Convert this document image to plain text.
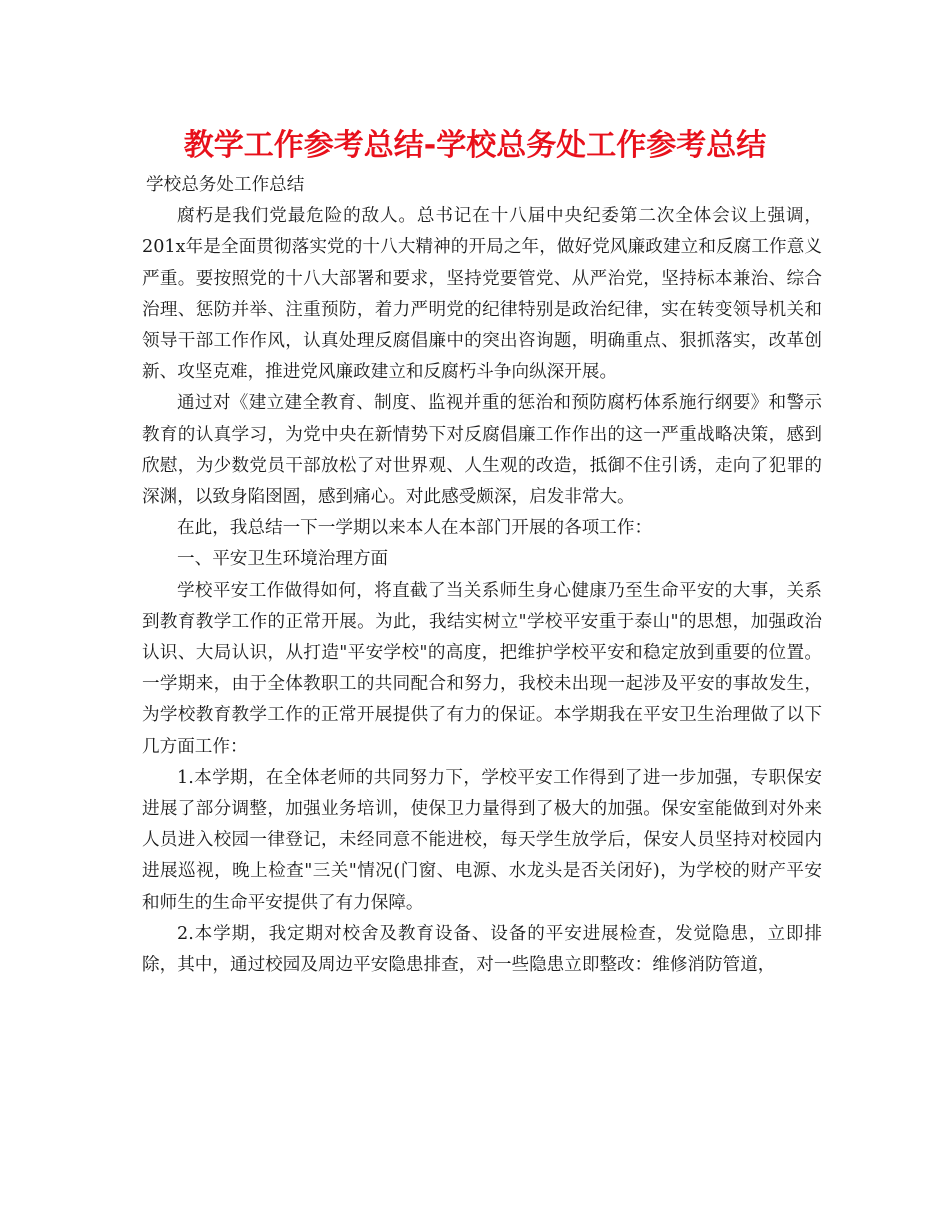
教学工作参考总结-学校总务处工作参考总结

学校总务处工作总结

腐朽是我们党最危险的敌人。总书记在十八届中央纪委第二次全体会议上强调，201x年是全面贯彻落实党的十八大精神的开局之年，做好党风廉政建立和反腐工作意义严重。要按照党的十八大部署和要求，坚持党要管党、从严治党，坚持标本兼治、综合治理、惩防并举、注重预防，着力严明党的纪律特别是政治纪律，实在转变领导机关和领导干部工作作风，认真处理反腐倡廉中的突出咨询题，明确重点、狠抓落实，改革创新、攻坚克难，推进党风廉政建立和反腐朽斗争向纵深开展。

通过对《建立建全教育、制度、监视并重的惩治和预防腐朽体系施行纲要》和警示教育的认真学习，为党中央在新情势下对反腐倡廉工作作出的这一严重战略决策，感到欣慰，为少数党员干部放松了对世界观、人生观的改造，抵御不住引诱，走向了犯罪的深渊，以致身陷囹圄，感到痛心。对此感受颇深，启发非常大。

在此，我总结一下一学期以来本人在本部门开展的各项工作：

一、平安卫生环境治理方面

学校平安工作做得如何，将直截了当关系师生身心健康乃至生命平安的大事，关系到教育教学工作的正常开展。为此，我结实树立"学校平安重于泰山"的思想，加强政治认识、大局认识，从打造"平安学校"的高度，把维护学校平安和稳定放到重要的位置。一学期来，由于全体教职工的共同配合和努力，我校未出现一起涉及平安的事故发生，为学校教育教学工作的正常开展提供了有力的保证。本学期我在平安卫生治理做了以下几方面工作：

1.本学期，在全体老师的共同努力下，学校平安工作得到了进一步加强，专职保安进展了部分调整，加强业务培训，使保卫力量得到了极大的加强。保安室能做到对外来人员进入校园一律登记，未经同意不能进校，每天学生放学后，保安人员坚持对校园内进展巡视，晚上检查"三关"情况(门窗、电源、水龙头是否关闭好)，为学校的财产平安和师生的生命平安提供了有力保障。

2.本学期，我定期对校舍及教育设备、设备的平安进展检查，发觉隐患，立即排除，其中，通过校园及周边平安隐患排查，对一些隐患立即整改：维修消防管道，
